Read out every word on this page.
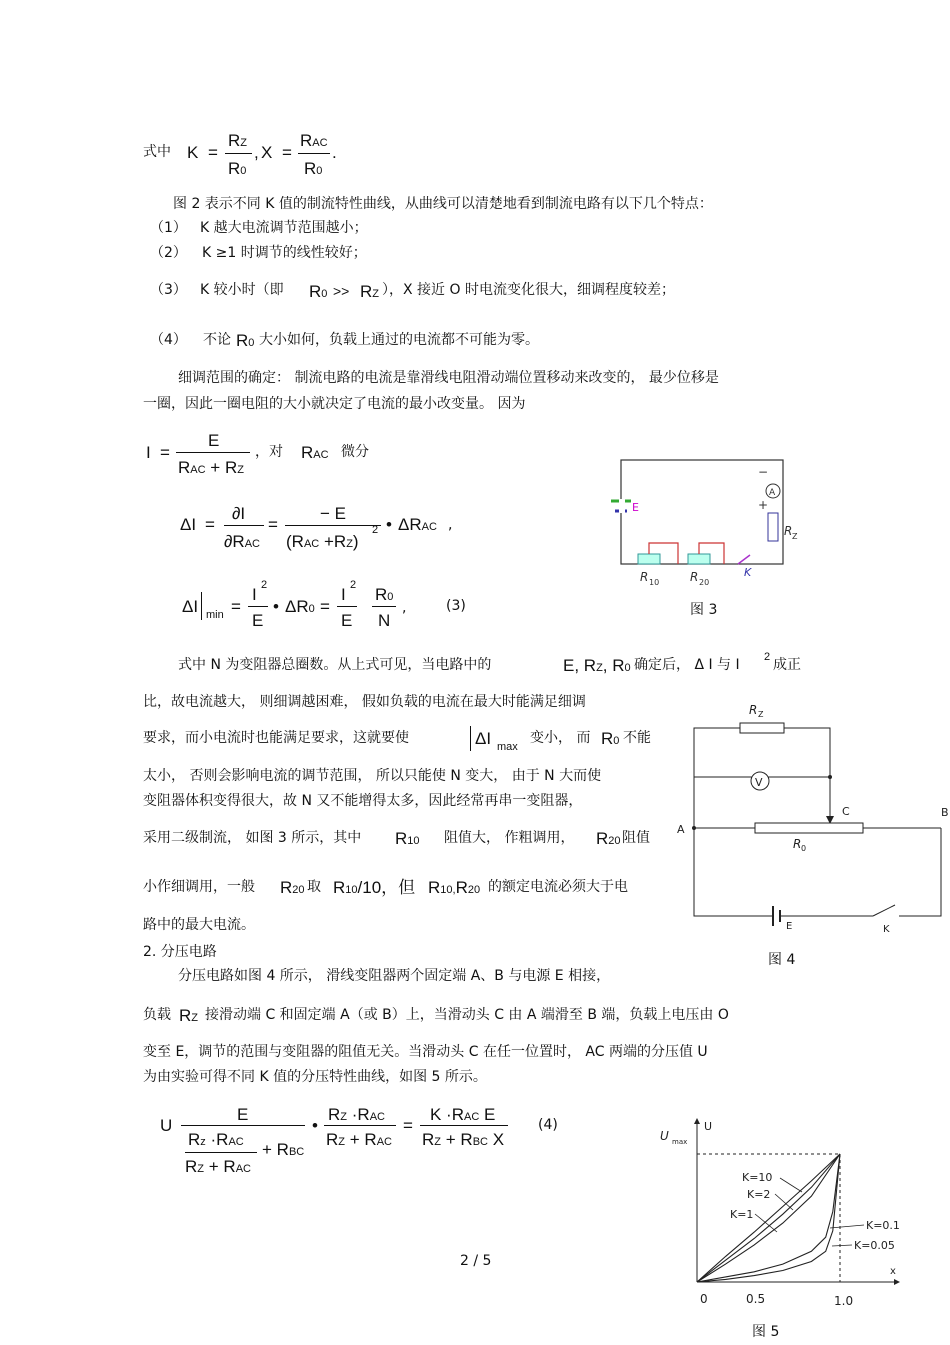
式中 K =
RZ
R0
, X =
RAC
R0
.
图 2 表示不同 K 值的制流特性曲线，从曲线可以清楚地看到制流电路有以下几个特点：
（1） K 越大电流调节范围越小；
（2） K ≥1 时调节的线性较好；
（3） K 较小时（即 R0 >> RZ ），X 接近 O 时电流变化很大，细调程度较差；
（4） 不论 R0 大小如何，负载上通过的电流都不可能为零。
细调范围的确定： 制流电路的电流是靠滑线电阻滑动端位置移动来改变的， 最少位移是
一圈，因此一圈电阻的大小就决定了电流的最小改变量。 因为
I =
E
RAC + RZ
，对 RAC 微分
ΔI =
∂I
∂RAC
=
− E
(RAC +RZ)
2 • ΔRAC ,
ΔI min =
I 2
E
• ΔR0 =
I 2
E
R0
N
,	(3)
式中 N 为变阻器总圈数。从上式可见，当电路中的	E, RZ, R0 确定后， Δ I 与 I 2 成正
比，故电流越大， 则细调越困难， 假如负载的电流在最大时能满足细调
要求，而小电流时也能满足要求，这就要使	ΔI max
变小， 而 R0 不能
太小， 否则会影响电流的调节范围， 所以只能使 N 变大， 由于 N 大而使
变阻器体积变得很大，故 N 又不能增得太多，因此经常再串一变阻器，
采用二级制流， 如图 3 所示，其中 R10 阻值大， 作粗调用， R20 阻值
小作细调用，一般 R20 取 R10/10，但 R10,R20 的额定电流必须大于电
路中的最大电流。
2. 分压电路
分压电路如图 4 所示， 滑线变阻器两个固定端 A、B 与电源 E 相接，
负载 RZ 接滑动端 C 和固定端 A（或 B）上，当滑动头 C 由 A 端滑至 B 端，负载上电压由 O
变至 E，调节的范围与变阻器的阻值无关。当滑动头 C 在任一位置时， AC 两端的分压值 U
为由实验可得不同 K 值的分压特性曲线，如图 5 所示。
U
E
Rz ·RAC + RBC
RZ + RAC
•
RZ ·RAC
RZ + RAC
=
K ·RAC E
RZ + RBC X
(4)
2 / 5
E
K
R 10	R 20
A
R Z
−
+
图 3
R Z
V
C
R 0
A
B
E	K
图 4
U max
U
x
0	0.5	1.0
K=10
K=2
K=1
K=0.1
K=0.05
图 5
